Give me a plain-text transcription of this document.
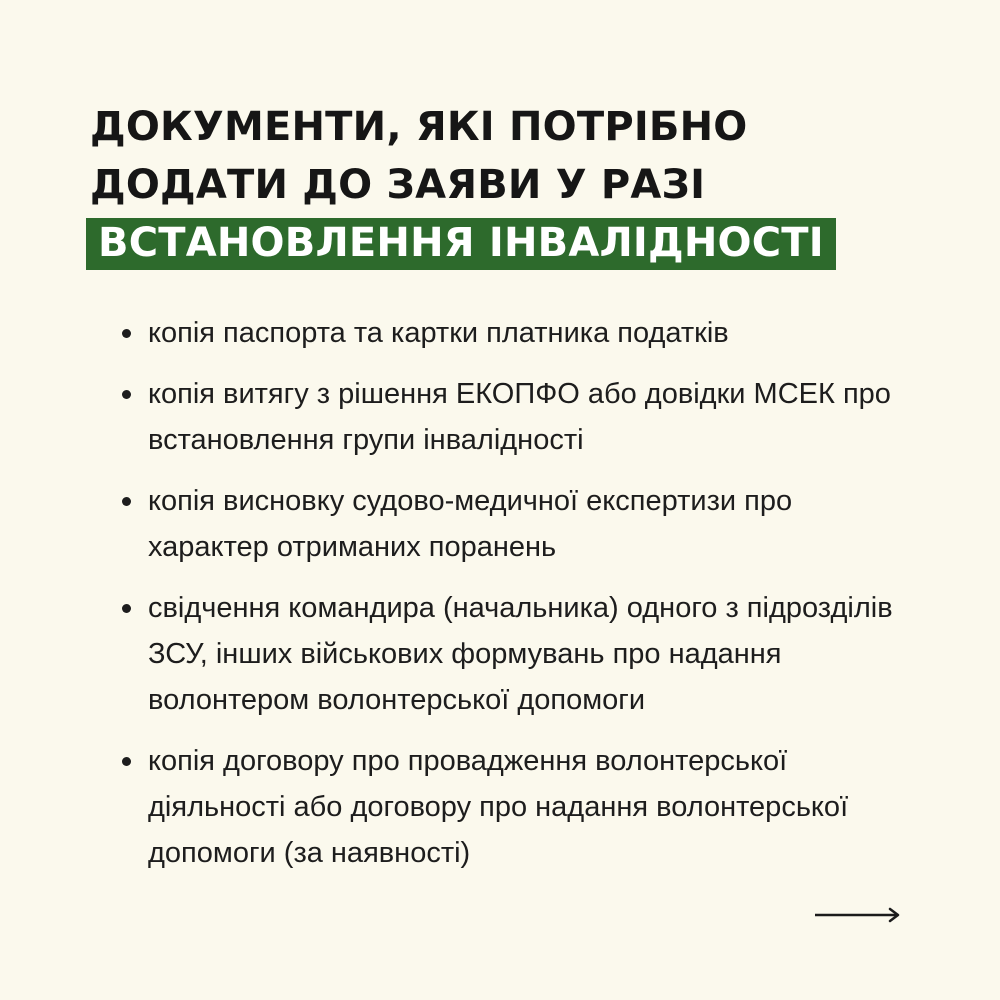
ДОКУМЕНТИ, ЯКІ ПОТРІБНО ДОДАТИ ДО ЗАЯВИ У РАЗІ ВСТАНОВЛЕННЯ ІНВАЛІДНОСТІ
копія паспорта та картки платника податків
копія витягу з рішення ЕКОПФО або довідки МСЕК про встановлення групи інвалідності
копія висновку судово-медичної експертизи про характер отриманих поранень
свідчення командира (начальника) одного з підрозділів ЗСУ, інших військових формувань про надання волонтером волонтерської допомоги
копія договору про провадження волонтерської діяльності або договору про надання волонтерської допомоги (за наявності)
